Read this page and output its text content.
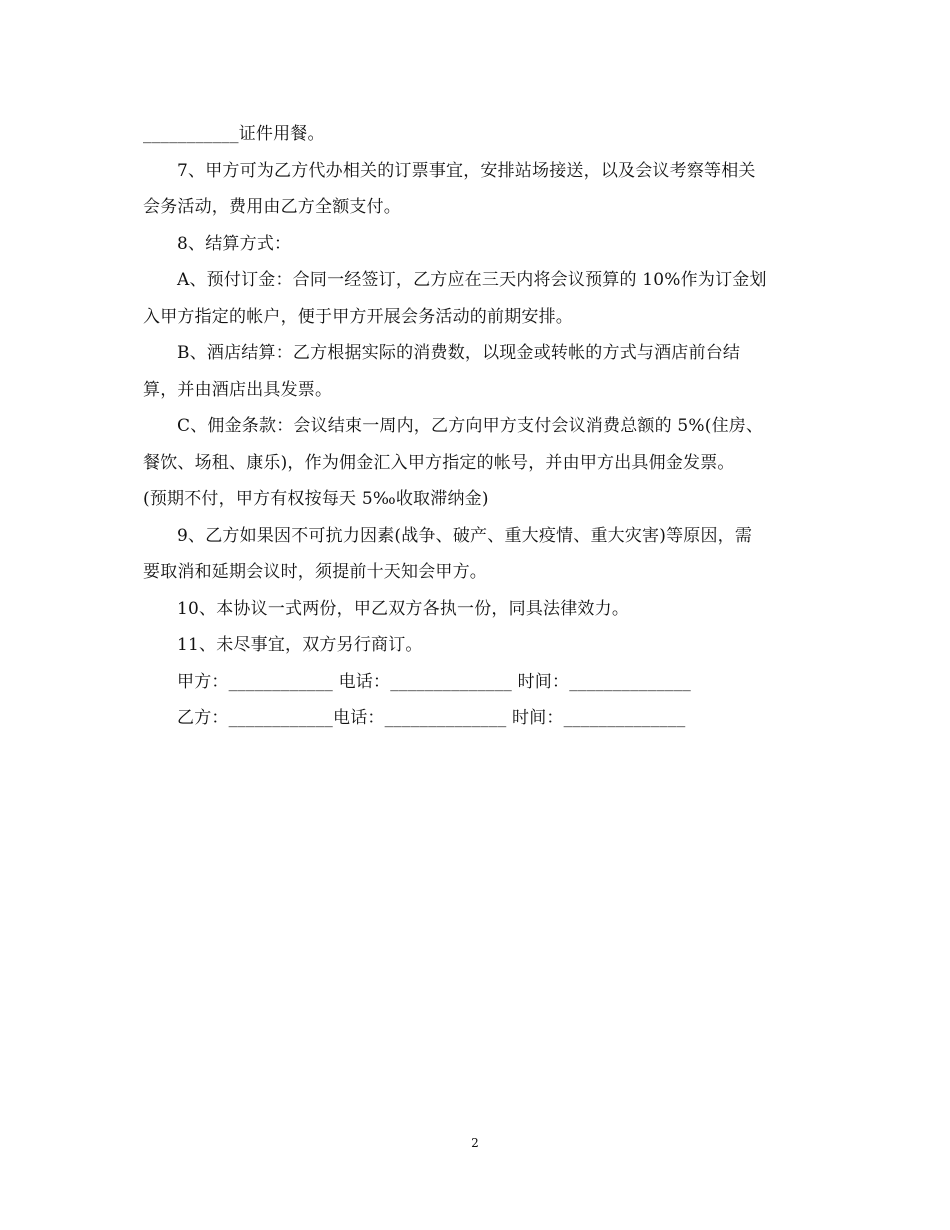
___________证件用餐。

7、甲方可为乙方代办相关的订票事宜，安排站场接送，以及会议考察等相关

会务活动，费用由乙方全额支付。

8、结算方式：

A、预付订金：合同一经签订，乙方应在三天内将会议预算的 10%作为订金划

入甲方指定的帐户，便于甲方开展会务活动的前期安排。

B、酒店结算：乙方根据实际的消费数，以现金或转帐的方式与酒店前台结

算，并由酒店出具发票。

C、佣金条款：会议结束一周内，乙方向甲方支付会议消费总额的 5%(住房、

餐饮、场租、康乐)，作为佣金汇入甲方指定的帐号，并由甲方出具佣金发票。

(预期不付，甲方有权按每天 5‰收取滞纳金)

9、乙方如果因不可抗力因素(战争、破产、重大疫情、重大灾害)等原因，需

要取消和延期会议时，须提前十天知会甲方。

10、本协议一式两份，甲乙双方各执一份，同具法律效力。

11、未尽事宜，双方另行商订。

甲方：____________ 电话：______________ 时间：______________

乙方：____________电话：______________ 时间：______________

2
